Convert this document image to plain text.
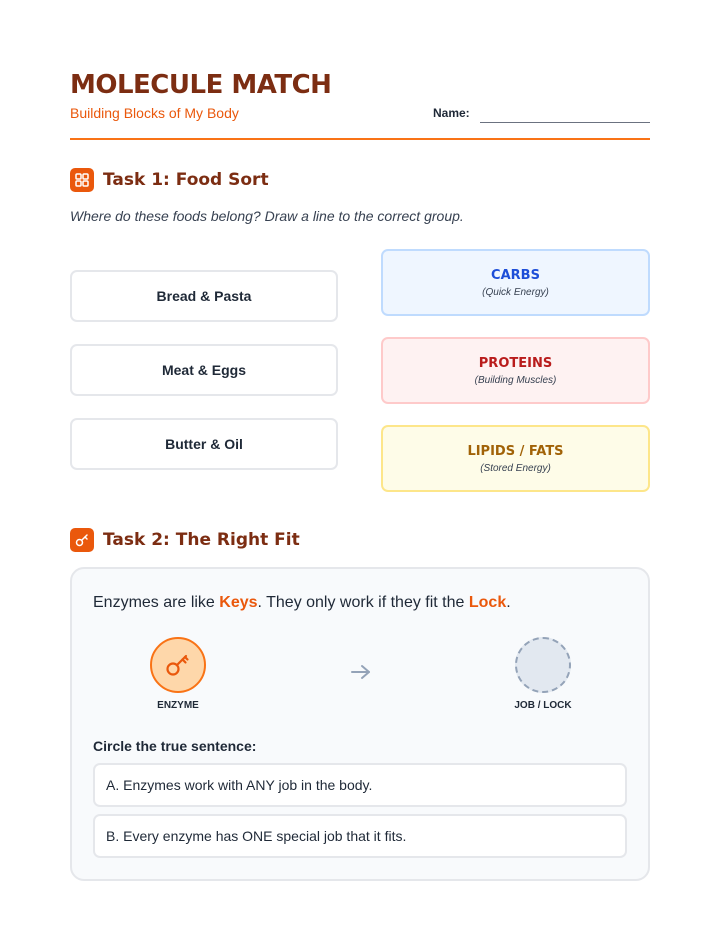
MOLECULE MATCH
Building Blocks of My Body	Name:
Task 1: Food Sort
Where do these foods belong? Draw a line to the correct group.
Bread & Pasta
Meat & Eggs
Butter & Oil
CARBS
(Quick Energy)
PROTEINS
(Building Muscles)
LIPIDS / FATS
(Stored Energy)
Task 2: The Right Fit
Enzymes are like Keys. They only work if they fit the Lock.
ENZYME	JOB / LOCK
Circle the true sentence:
A. Enzymes work with ANY job in the body.
B. Every enzyme has ONE special job that it fits.
